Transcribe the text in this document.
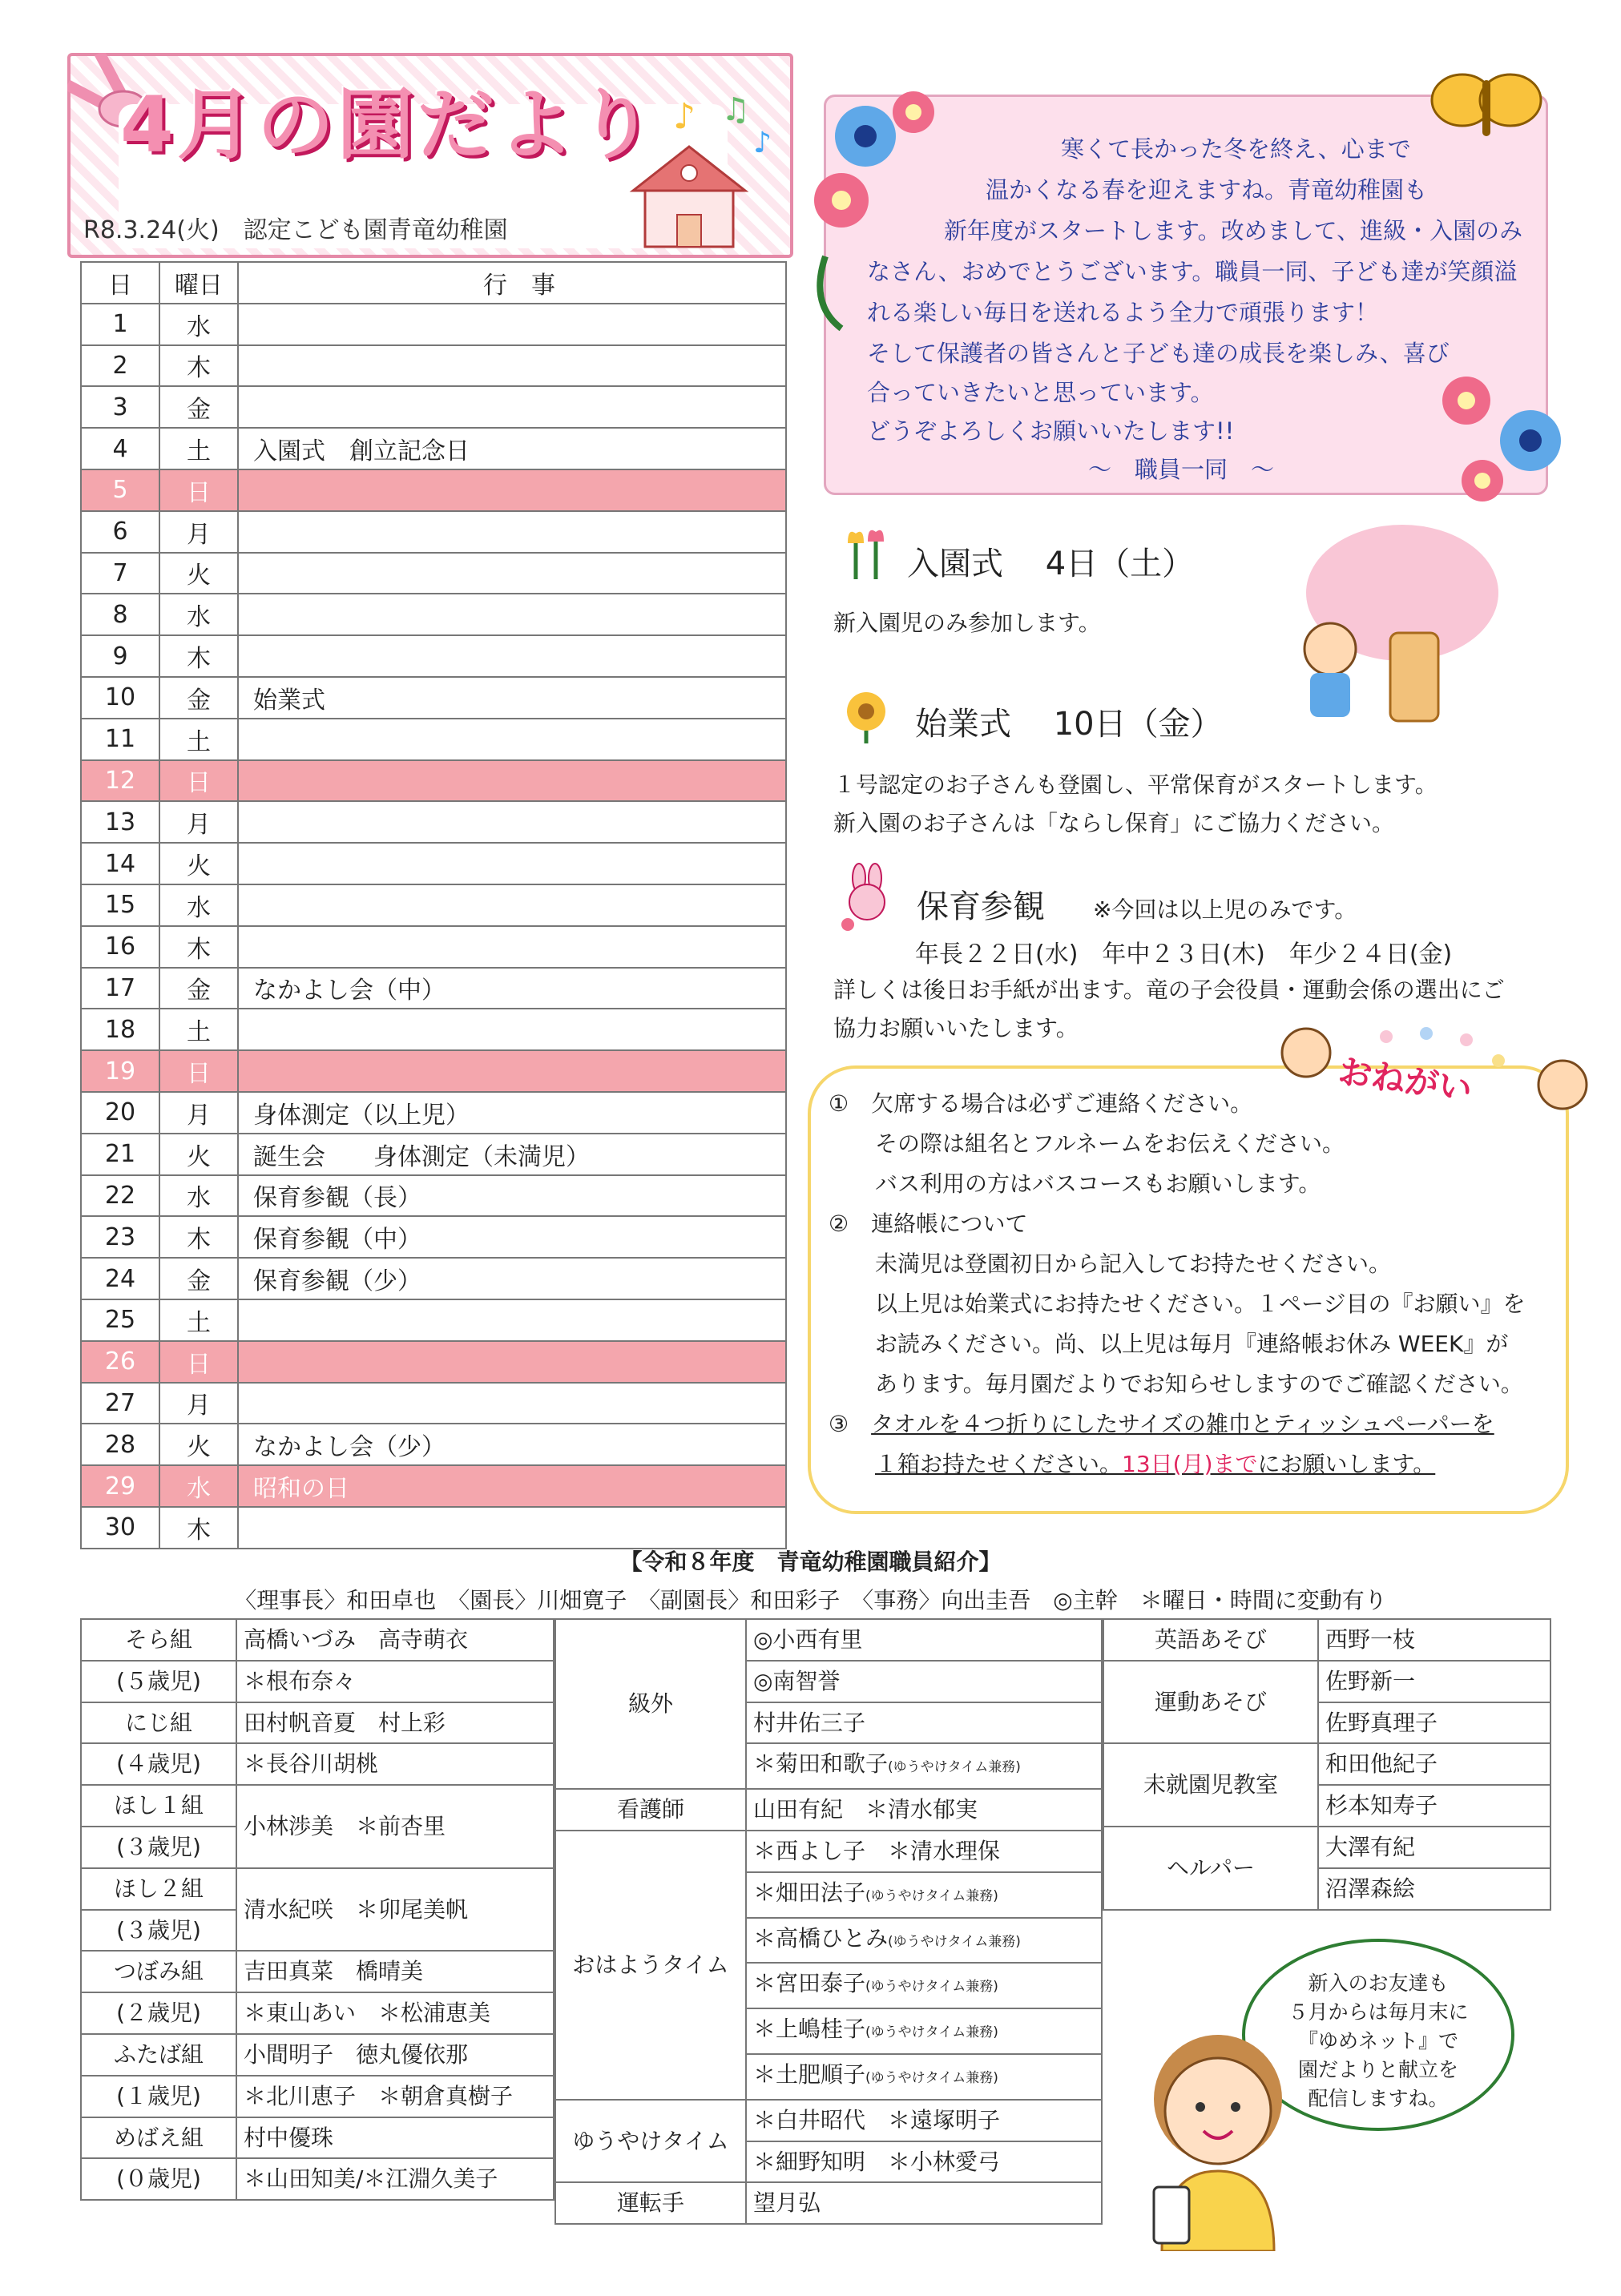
4月の園だより
R8.3.24(火)　認定こども園青竜幼稚園
♪ ♫
♪
日	曜日	行　事
1	水	
2	木	
3	金	
4	土	入園式　創立記念日
5	日	
6	月	
7	火	
8	水	
9	木	
10	金	始業式
11	土	
12	日	
13	月	
14	火	
15	水	
16	木	
17	金	なかよし会（中）
18	土	
19	日	
20	月	身体測定（以上児）
21	火	誕生会　　身体測定（未満児）
22	水	保育参観（長）
23	木	保育参観（中）
24	金	保育参観（少）
25	土	
26	日	
27	月	
28	火	なかよし会（少）
29	水	昭和の日
30	木	
寒くて長かった冬を終え、心まで
温かくなる春を迎えますね。青竜幼稚園も
新年度がスタートします。改めまして、進級・入園のみ
なさん、おめでとうございます。職員一同、子ども達が笑顔溢
れる楽しい毎日を送れるよう全力で頑張ります！
そして保護者の皆さんと子ども達の成長を楽しみ、喜び
合っていきたいと思っています。
どうぞよろしくお願いいたします!!
～　職員一同　～
入園式　 4日（土）
新入園児のみ参加します。
始業式　 10日（金）
１号認定のお子さんも登園し、平常保育がスタートします。
新入園のお子さんは「ならし保育」にご協力ください。
保育参観 ※今回は以上児のみです。
年長２２日(水)　年中２３日(木)　年少２４日(金)
詳しくは後日お手紙が出ます。竜の子会役員・運動会係の選出にご
協力お願いいたします。
おねがい
①　欠席する場合は必ずご連絡ください。
その際は組名とフルネームをお伝えください。
バス利用の方はバスコースもお願いします。
②　連絡帳について
未満児は登園初日から記入してお持たせください。
以上児は始業式にお持たせください。１ページ目の『お願い』を
お読みください。尚、以上児は毎月『連絡帳お休み WEEK』が
あります。毎月園だよりでお知らせしますのでご確認ください。
③　タオルを４つ折りにしたサイズの雑巾とティッシュペーパーを
１箱お持たせください。13日(月)までにお願いします。
【令和８年度　青竜幼稚園職員紹介】
〈理事長〉和田卓也　〈園長〉川畑寛子　〈副園長〉和田彩子　〈事務〉向出圭吾　◎主幹　＊曜日・時間に変動有り
そら組	高橋いづみ　高寺萌衣
(５歳児)	＊根布奈々
にじ組	田村帆音夏　村上彩
(４歳児)	＊長谷川胡桃
ほし１組	小林渉美　＊前杏里
(３歳児)	
ほし２組	清水紀咲　＊卯尾美帆
(３歳児)	
つぼみ組	吉田真菜　橋晴美
(２歳児)	＊東山あい　＊松浦恵美
ふたば組	小間明子　徳丸優依那
(１歳児)	＊北川恵子　＊朝倉真樹子
めばえ組	村中優珠
(０歳児)	＊山田知美/＊江淵久美子
級外	◎小西有里
	◎南智誉
	村井佑三子
	＊菊田和歌子(ゆうやけタイム兼務)
看護師	山田有紀　＊清水郁実
おはようタイム	＊西よし子　＊清水理保
	＊畑田法子(ゆうやけタイム兼務)
	＊高橋ひとみ(ゆうやけタイム兼務)
	＊宮田泰子(ゆうやけタイム兼務)
	＊上嶋桂子(ゆうやけタイム兼務)
	＊土肥順子(ゆうやけタイム兼務)
ゆうやけタイム	＊白井昭代　＊遠塚明子
	＊細野知明　＊小林愛弓
運転手	望月弘
英語あそび	西野一枝
運動あそび	佐野新一
	佐野真理子
未就園児教室	和田他紀子
	杉本知寿子
ヘルパー	大澤有紀
	沼澤森絵
新入のお友達も
５月からは毎月末に
『ゆめネット』で
園だよりと献立を
配信しますね。
